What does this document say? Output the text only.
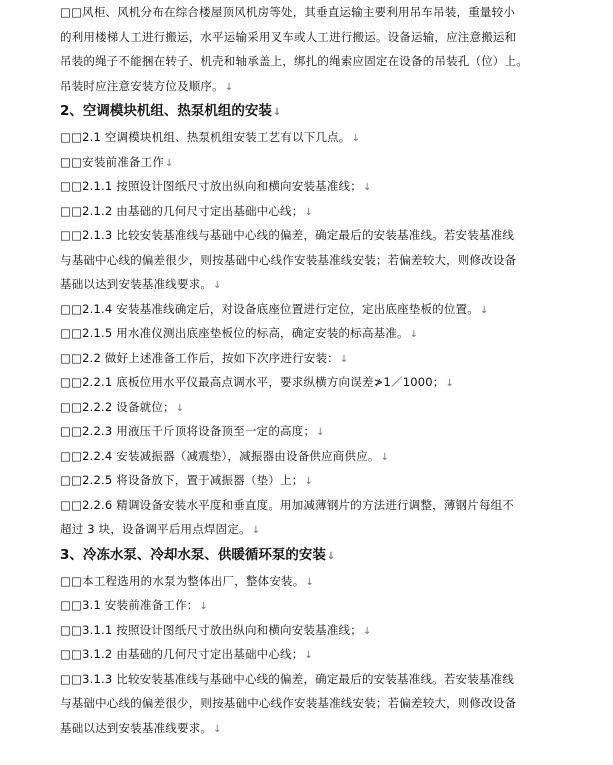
□□风柜、风机分布在综合楼屋顶风机房等处，其垂直运输主要利用吊车吊装，重量较小
的利用楼梯人工进行搬运，水平运输采用叉车或人工进行搬运。设备运输，应注意搬运和
吊装的绳子不能捆在转子、机壳和轴承盖上，绑扎的绳索应固定在设备的吊装孔（位）上。
吊装时应注意安装方位及顺序。↓
2、空调模块机组、热泵机组的安装↓
□□2.1 空调模块机组、热泵机组安装工艺有以下几点。↓
□□安装前准备工作↓
□□2.1.1 按照设计图纸尺寸放出纵向和横向安装基准线；↓
□□2.1.2 由基础的几何尺寸定出基础中心线；↓
□□2.1.3 比较安装基准线与基础中心线的偏差，确定最后的安装基准线。若安装基准线
与基础中心线的偏差很少，则按基础中心线作安装基准线安装；若偏差较大，则修改设备
基础以达到安装基准线要求。↓
□□2.1.4 安装基准线确定后，对设备底座位置进行定位，定出底座垫板的位置。↓
□□2.1.5 用水准仪测出底座垫板位的标高，确定安装的标高基准。↓
□□2.2 做好上述准备工作后，按如下次序进行安装：↓
□□2.2.1 底板位用水平仪最高点调水平，要求纵横方向误差≯1／1000；↓
□□2.2.2 设备就位；↓
□□2.2.3 用液压千斤顶将设备顶至一定的高度；↓
□□2.2.4 安装减振器（减震垫），减振器由设备供应商供应。↓
□□2.2.5 将设备放下，置于减振器（垫）上；↓
□□2.2.6 精调设备安装水平度和垂直度。用加减薄钢片的方法进行调整，薄钢片每组不
超过 3 块，设备调平后用点焊固定。↓
3、冷冻水泵、冷却水泵、供暖循环泵的安装↓
□□本工程选用的水泵为整体出厂，整体安装。↓
□□3.1 安装前准备工作：↓
□□3.1.1 按照设计图纸尺寸放出纵向和横向安装基准线；↓
□□3.1.2 由基础的几何尺寸定出基础中心线；↓
□□3.1.3 比较安装基准线与基础中心线的偏差，确定最后的安装基准线。若安装基准线
与基础中心线的偏差很少，则按基础中心线作安装基准线安装；若偏差较大，则修改设备
基础以达到安装基准线要求。↓
